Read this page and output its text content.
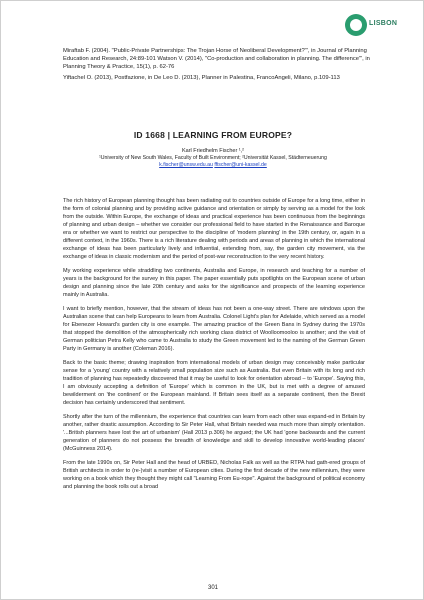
LISBON

Miraftab F. (2004). "Public-Private Partnerships: The Trojan Horse of Neoliberal Development?"', in Journal of Planning Education and Research, 24:89-101 Watson V. (2014), "Co-production and collaboration in planning. The difference"', in Planning Theory & Practice, 15(1), p. 62-76

Yiftachel O. (2013), Postfazione, in De Leo D. (2013), Planner in Palestina, FrancoAngeli, Milano, p.109-113

ID 1668 | LEARNING FROM EUROPE?
Karl Friedhelm Fischer ¹,²
¹University of New South Wales, Faculty of Built Environment; ²Universität Kassel, Städterneuerung
k.fischer@unsw.edu.au ffischer@uni-kassel.de

The rich history of European planning thought has been radiating out to countries outside of Europe for a long time, either in the form of colonial planning and by providing active guidance and orientation or simply by serving as a model for the look from the outside. Within Europe, the exchange of ideas and practical experience has been continuous from the beginnings of planning and urban design – whether we consider our professional field to have started in the Renaissance and Baroque era or whether we want to restrict our perspective to the discipline of 'modern planning' in the 19th century, or, again in a different context, in the 1960s. There is a rich literature dealing with periods and areas of planning in which the international exchange of ideas has been particularly lively and influential, extending from, say, the garden city movement, via the exchange of ideas in classic modernism and the period of post-war reconstruction to the very recent history.

My working experience while straddling two continents, Australia and Europe, in research and teaching for a number of years is the background for the survey in this paper. The paper essentially puts spotlights on the European scene of urban design and planning since the late 20th century and asks for the significance and prospects of the learning experience mainly in Australia.

I want to briefly mention, however, that the stream of ideas has not been a one-way street. There are windows upon the Australian scene that can help Europeans to learn from Australia. Colonel Light's plan for Adelaide, which served as a model for Ebenezer Howard's garden city is one example. The amazing practice of the Green Bans in Sydney during the 1970s that stopped the demolition of the atmospherically rich working class district of Woolloomooloo is another; and the visit of German politician Petra Kelly who came to Australia to study the Green movement led to the naming of the German Green Party in Germany is another (Coleman 2016).

Back to the basic theme; drawing inspiration from international models of urban design may conceivably make particular sense for a 'young' country with a relatively small population size such as Australia. But even Britain with its long and rich tradition of planning has repeatedly discovered that it may be useful to look for orientation abroad – to 'Europe'. Saying this, I am obviously accepting a definition of 'Europe' which is common in the UK, but is met with a degree of amused bewilderment on 'the continent' or the European mainland. If Britain sees itself as a separate continent, then the Brexit decision has certainly underscored that sentiment.

Shortly after the turn of the millennium, the experience that countries can learn from each other was expand-ed in Britain by another, rather drastic assumption. According to Sir Peter Hall, what Britain needed was much more than simply orientation. '...British planners have lost the art of urbanism' (Hall 2013 p.306) he argued; the UK had 'gone backwards and the current generation of planners do not possess the breadth of knowledge and skill to develop innovative world-leading places' (McGuinness 2014).

From the late 1990s on, Sir Peter Hall and the head of URBED, Nicholas Falk as well as the RTPA had gath-ered groups of British architects in order to (re-)visit a number of European cities. During the first decade of the new millennium, they were working on a book which they thought they might call "Learning From Eu-rope". Against the background of political economy and planning the book rolls out a broad

301
